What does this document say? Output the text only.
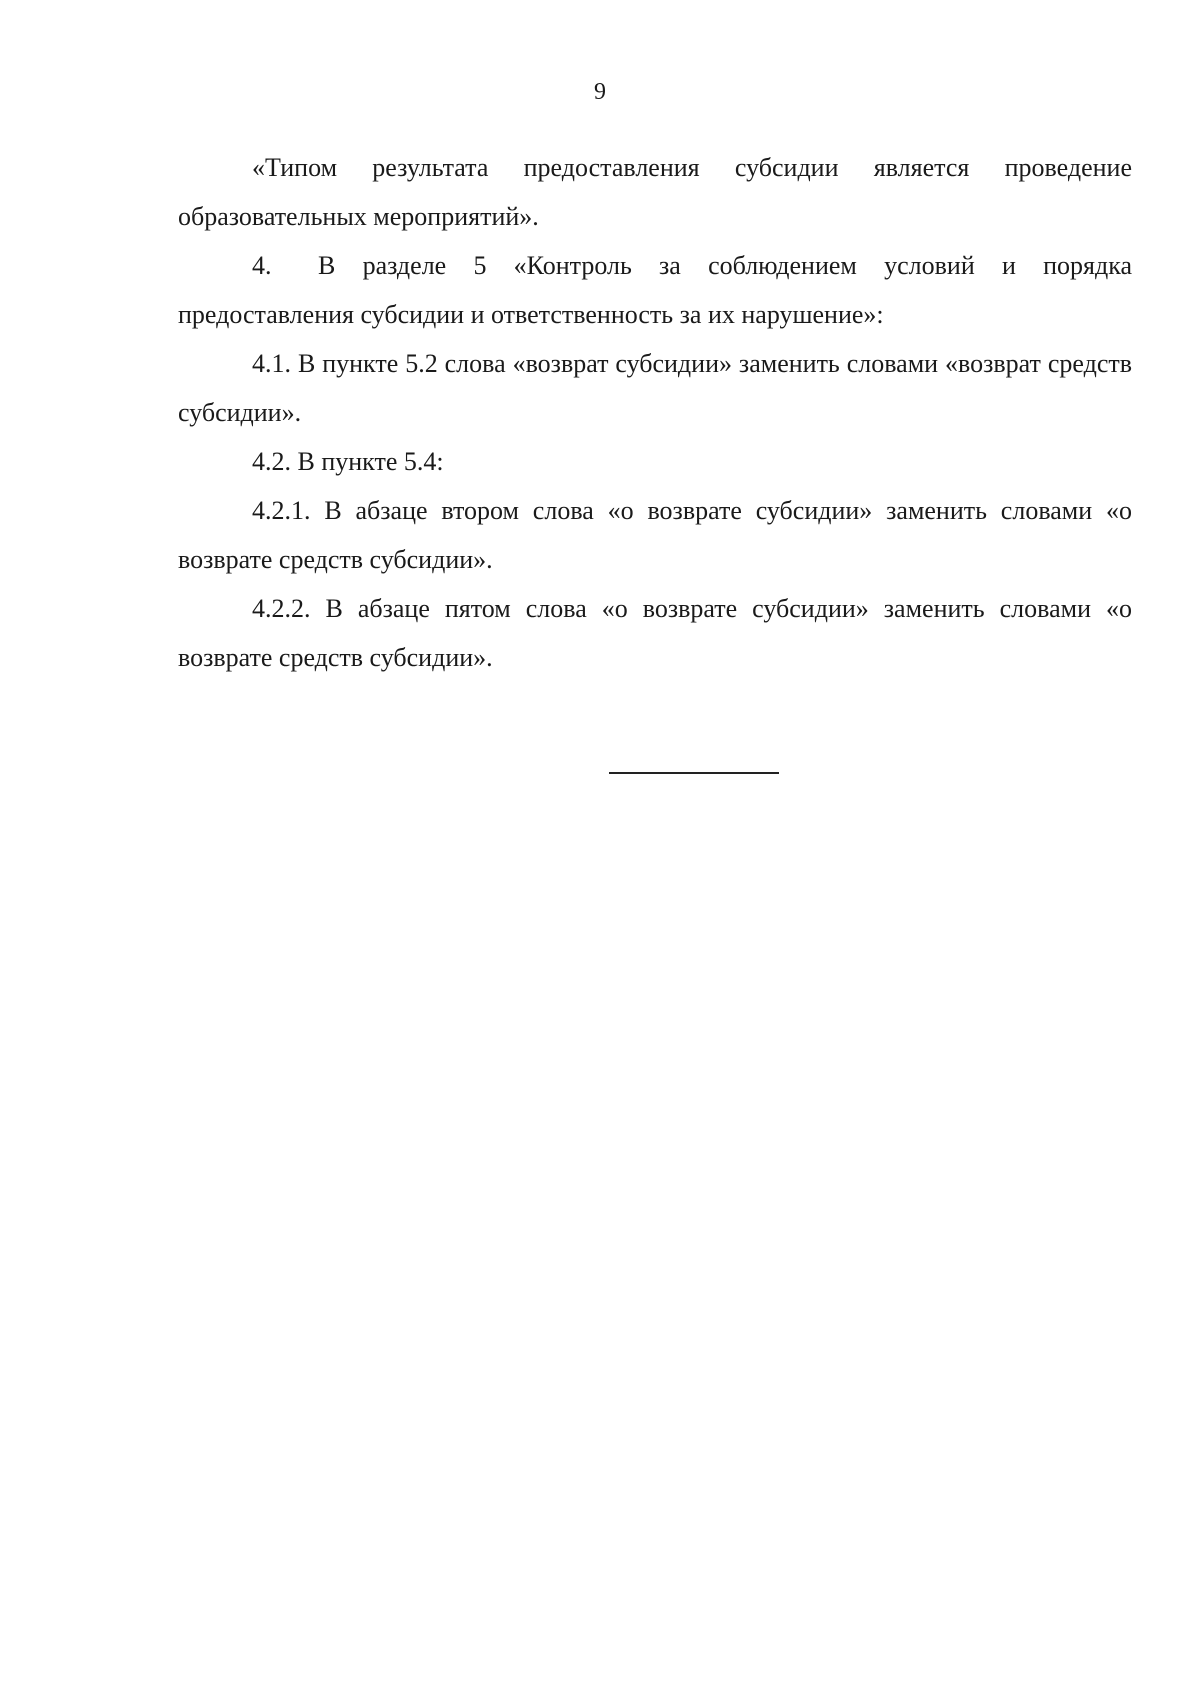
9

«Типом результата предоставления субсидии является проведение образовательных мероприятий».

4. В разделе 5 «Контроль за соблюдением условий и порядка предоставления субсидии и ответственность за их нарушение»:

4.1. В пункте 5.2 слова «возврат субсидии» заменить словами «возврат средств субсидии».

4.2. В пункте 5.4:

4.2.1. В абзаце втором слова «о возврате субсидии» заменить словами «о возврате средств субсидии».

4.2.2. В абзаце пятом слова «о возврате субсидии» заменить словами «о возврате средств субсидии».
